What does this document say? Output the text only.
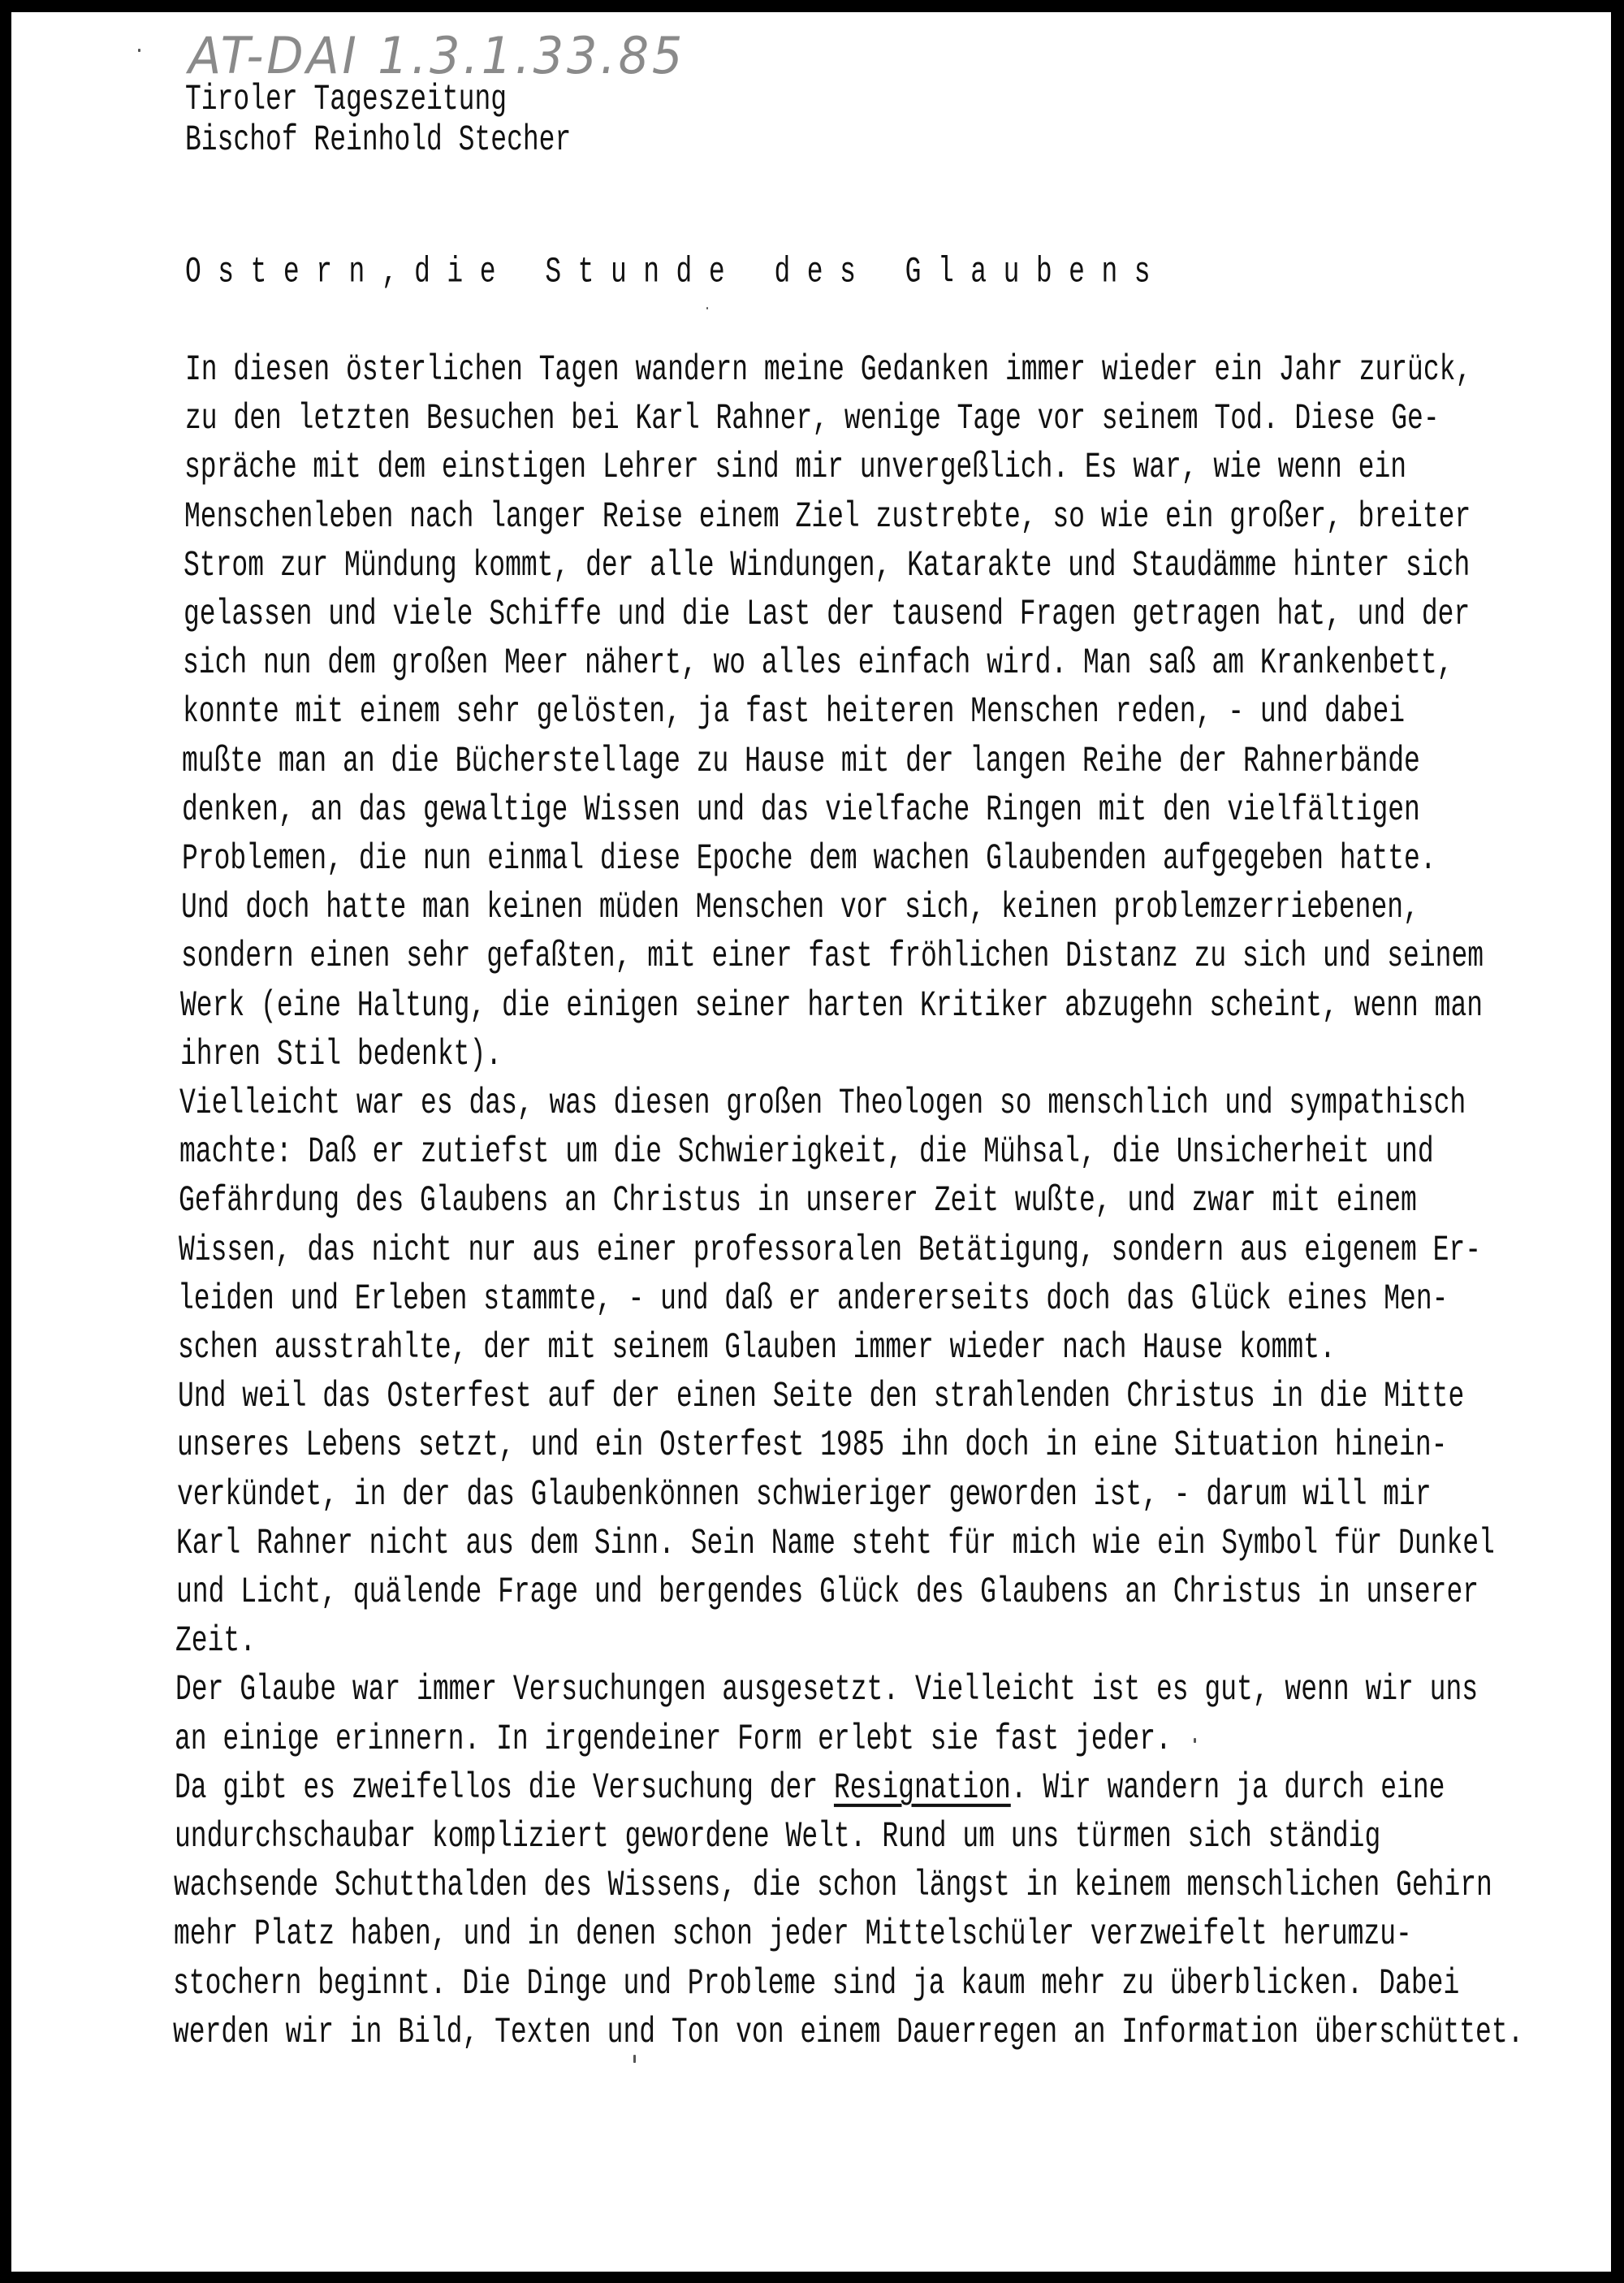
AT-DAI 1.3.1.33.85
Tiroler Tageszeitung
Bischof Reinhold Stecher
Ostern,die Stunde des Glaubens
In diesen österlichen Tagen wandern meine Gedanken immer wieder ein Jahr zurück,
zu den letzten Besuchen bei Karl Rahner, wenige Tage vor seinem Tod. Diese Ge-
spräche mit dem einstigen Lehrer sind mir unvergeßlich. Es war, wie wenn ein
Menschenleben nach langer Reise einem Ziel zustrebte, so wie ein großer, breiter
Strom zur Mündung kommt, der alle Windungen, Katarakte und Staudämme hinter sich
gelassen und viele Schiffe und die Last der tausend Fragen getragen hat, und der
sich nun dem großen Meer nähert, wo alles einfach wird. Man saß am Krankenbett,
konnte mit einem sehr gelösten, ja fast heiteren Menschen reden, - und dabei
mußte man an die Bücherstellage zu Hause mit der langen Reihe der Rahnerbände
denken, an das gewaltige Wissen und das vielfache Ringen mit den vielfältigen
Problemen, die nun einmal diese Epoche dem wachen Glaubenden aufgegeben hatte.
Und doch hatte man keinen müden Menschen vor sich, keinen problemzerriebenen,
sondern einen sehr gefaßten, mit einer fast fröhlichen Distanz zu sich und seinem
Werk (eine Haltung, die einigen seiner harten Kritiker abzugehn scheint, wenn man
ihren Stil bedenkt).
Vielleicht war es das, was diesen großen Theologen so menschlich und sympathisch
machte: Daß er zutiefst um die Schwierigkeit, die Mühsal, die Unsicherheit und
Gefährdung des Glaubens an Christus in unserer Zeit wußte, und zwar mit einem
Wissen, das nicht nur aus einer professoralen Betätigung, sondern aus eigenem Er-
leiden und Erleben stammte, - und daß er andererseits doch das Glück eines Men-
schen ausstrahlte, der mit seinem Glauben immer wieder nach Hause kommt.
Und weil das Osterfest auf der einen Seite den strahlenden Christus in die Mitte
unseres Lebens setzt, und ein Osterfest 1985 ihn doch in eine Situation hinein-
verkündet, in der das Glaubenkönnen schwieriger geworden ist, - darum will mir
Karl Rahner nicht aus dem Sinn. Sein Name steht für mich wie ein Symbol für Dunkel
und Licht, quälende Frage und bergendes Glück des Glaubens an Christus in unserer
Zeit.
Der Glaube war immer Versuchungen ausgesetzt. Vielleicht ist es gut, wenn wir uns
an einige erinnern. In irgendeiner Form erlebt sie fast jeder.
Da gibt es zweifellos die Versuchung der Resignation. Wir wandern ja durch eine
undurchschaubar kompliziert gewordene Welt. Rund um uns türmen sich ständig
wachsende Schutthalden des Wissens, die schon längst in keinem menschlichen Gehirn
mehr Platz haben, und in denen schon jeder Mittelschüler verzweifelt herumzu-
stochern beginnt. Die Dinge und Probleme sind ja kaum mehr zu überblicken. Dabei
werden wir in Bild, Texten und Ton von einem Dauerregen an Information überschüttet.
